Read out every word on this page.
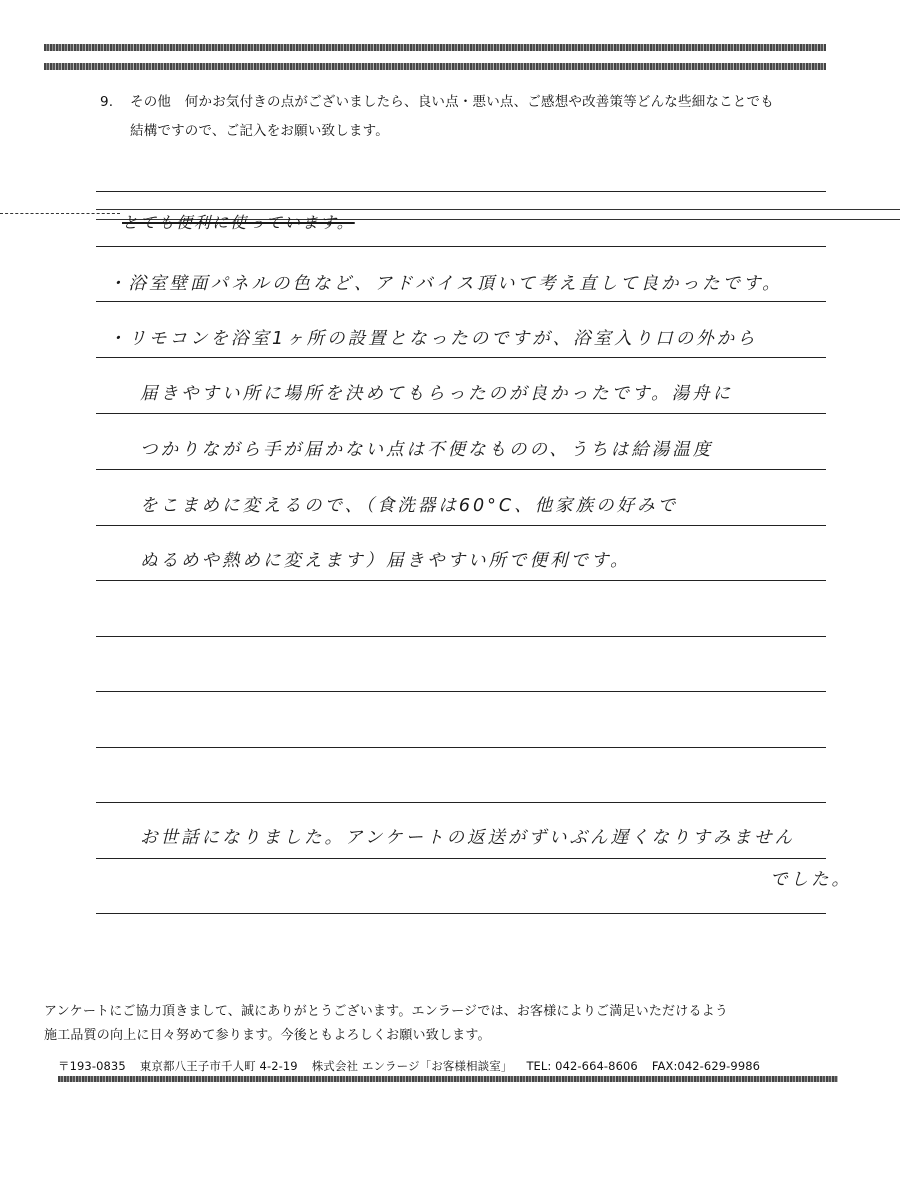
9. その他　何かお気付きの点がございましたら、良い点・悪い点、ご感想や改善策等どんな些細なことでも
結構ですので、ご記入をお願い致します。
とても便利に使っています。
・浴室壁面パネルの色など、アドバイス頂いて考え直して良かったです。
・リモコンを浴室1ヶ所の設置となったのですが、浴室入り口の外から
届きやすい所に場所を決めてもらったのが良かったです。湯舟に
つかりながら手が届かない点は不便なものの、うちは給湯温度
をこまめに変えるので、（食洗器は60°C、他家族の好みで
ぬるめや熱めに変えます）届きやすい所で便利です。
お世話になりました。アンケートの返送がずいぶん遅くなりすみません
でした。
アンケートにご協力頂きまして、誠にありがとうございます。エンラージでは、お客様によりご満足いただけるよう
施工品質の向上に日々努めて参ります。今後ともよろしくお願い致します。
〒193-0835 東京都八王子市千人町 4-2-19 株式会社 エンラージ「お客様相談室」 TEL: 042-664-8606 FAX:042-629-9986
